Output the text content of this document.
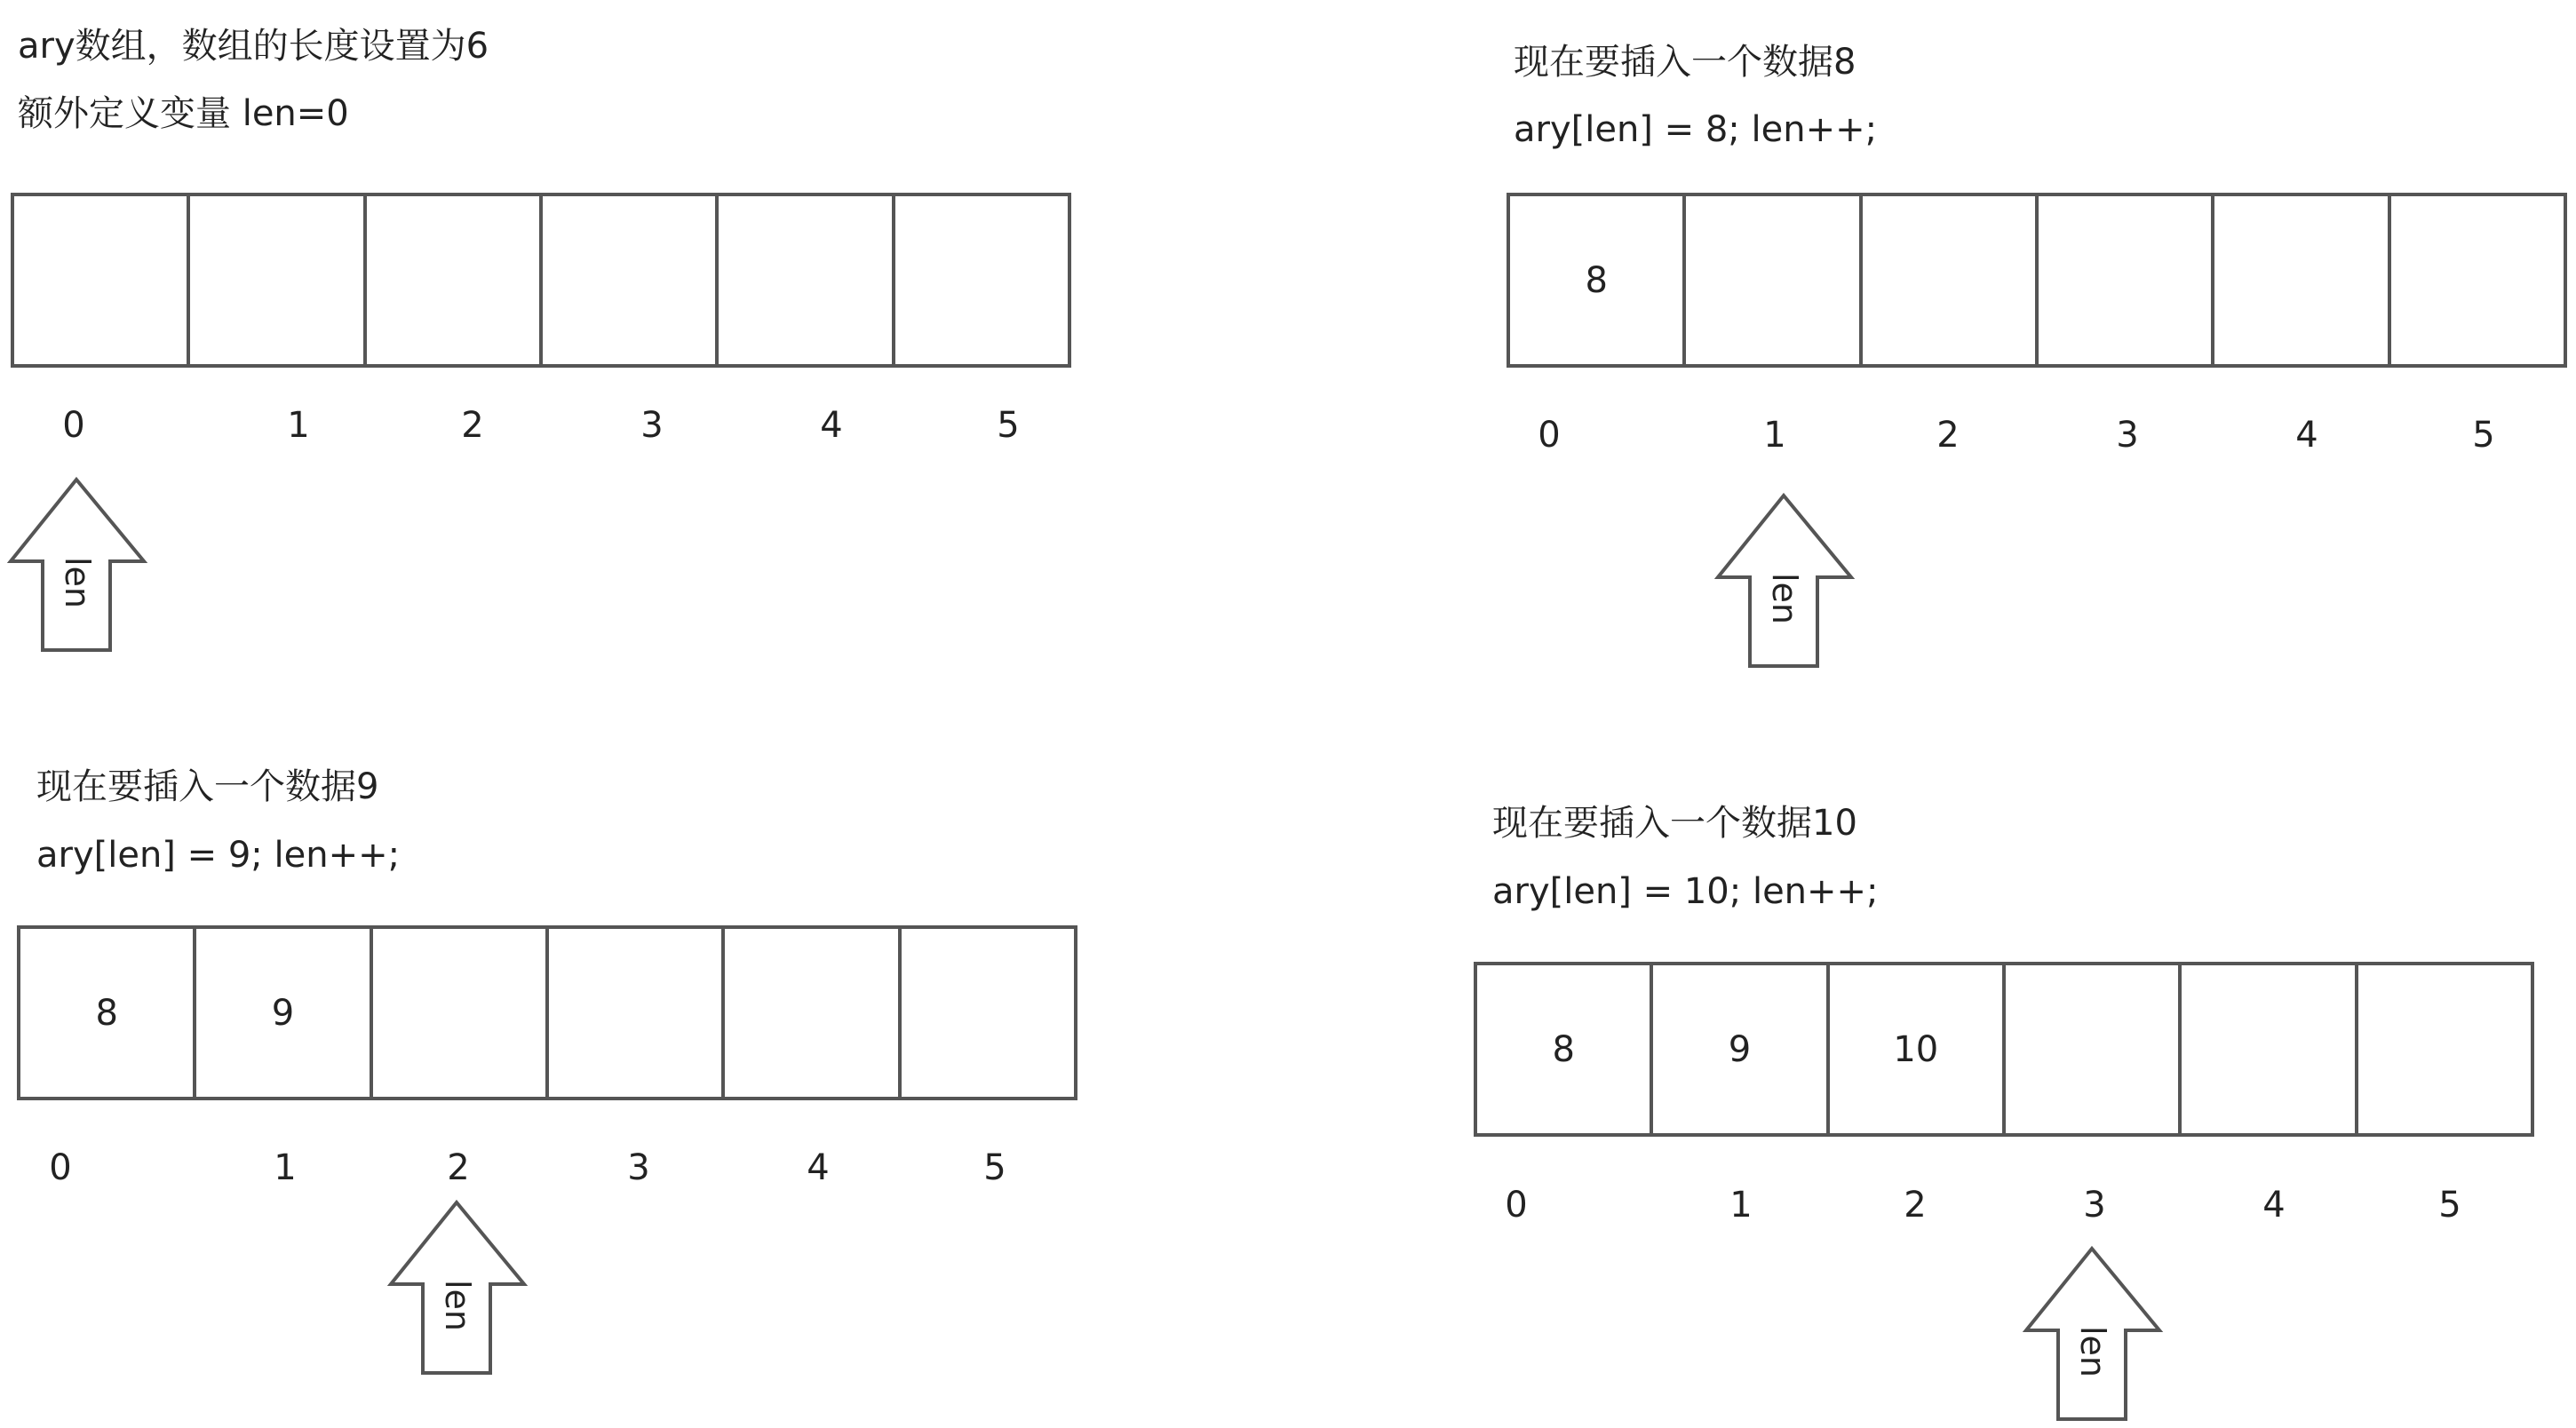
ary数组，数组的长度设置为6
额外定义变量 len=0
0	1	2	3	4	5
len
现在要插入一个数据8
ary[len] = 8; len++;
8
0	1	2	3	4	5
len
现在要插入一个数据9
ary[len] = 9; len++;
8	9
0	1	2	3	4	5
len
现在要插入一个数据10
ary[len] = 10; len++;
8	9	10
0	1	2	3	4	5
len
